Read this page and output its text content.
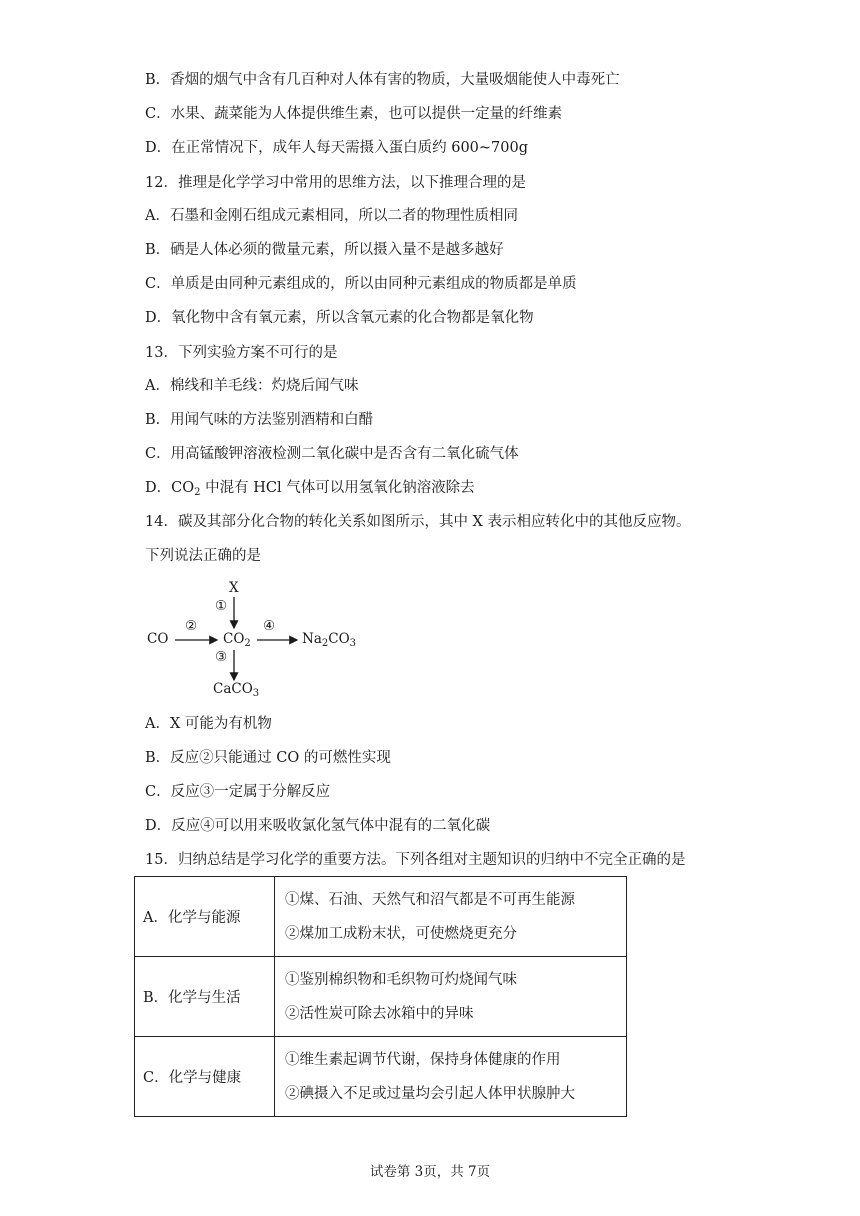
B．香烟的烟气中含有几百种对人体有害的物质，大量吸烟能使人中毒死亡
C．水果、蔬菜能为人体提供维生素，也可以提供一定量的纤维素
D．在正常情况下，成年人每天需摄入蛋白质约 600~700g
12．推理是化学学习中常用的思维方法，以下推理合理的是
A．石墨和金刚石组成元素相同，所以二者的物理性质相同
B．硒是人体必须的微量元素，所以摄入量不是越多越好
C．单质是由同种元素组成的，所以由同种元素组成的物质都是单质
D．氧化物中含有氧元素，所以含氧元素的化合物都是氧化物
13．下列实验方案不可行的是
A．棉线和羊毛线：灼烧后闻气味
B．用闻气味的方法鉴别酒精和白醋
C．用高锰酸钾溶液检测二氧化碳中是否含有二氧化硫气体
D．$CO_2$ 中混有 HCl 气体可以用氢氧化钠溶液除去
14．碳及其部分化合物的转化关系如图所示，其中 X 表示相应转化中的其他反应物。
下列说法正确的是
X
①
CO
②
$CO_2$
④
$Na_2CO_3$
③
CaCO$_3$
A．X 可能为有机物
B．反应②只能通过 CO 的可燃性实现
C．反应③一定属于分解反应
D．反应④可以用来吸收氯化氢气体中混有的二氧化碳
15．归纳总结是学习化学的重要方法。下列各组对主题知识的归纳中不完全正确的是
A．化学与能源	①煤、石油、天然气和沼气都是不可再生能源
②煤加工成粉末状，可使燃烧更充分

B．化学与生活	①鉴别棉织物和毛织物可灼烧闻气味
②活性炭可除去冰箱中的异味

C．化学与健康	①维生素起调节代谢，保持身体健康的作用
②碘摄入不足或过量均会引起人体甲状腺肿大
试卷第 3页，共 7页
